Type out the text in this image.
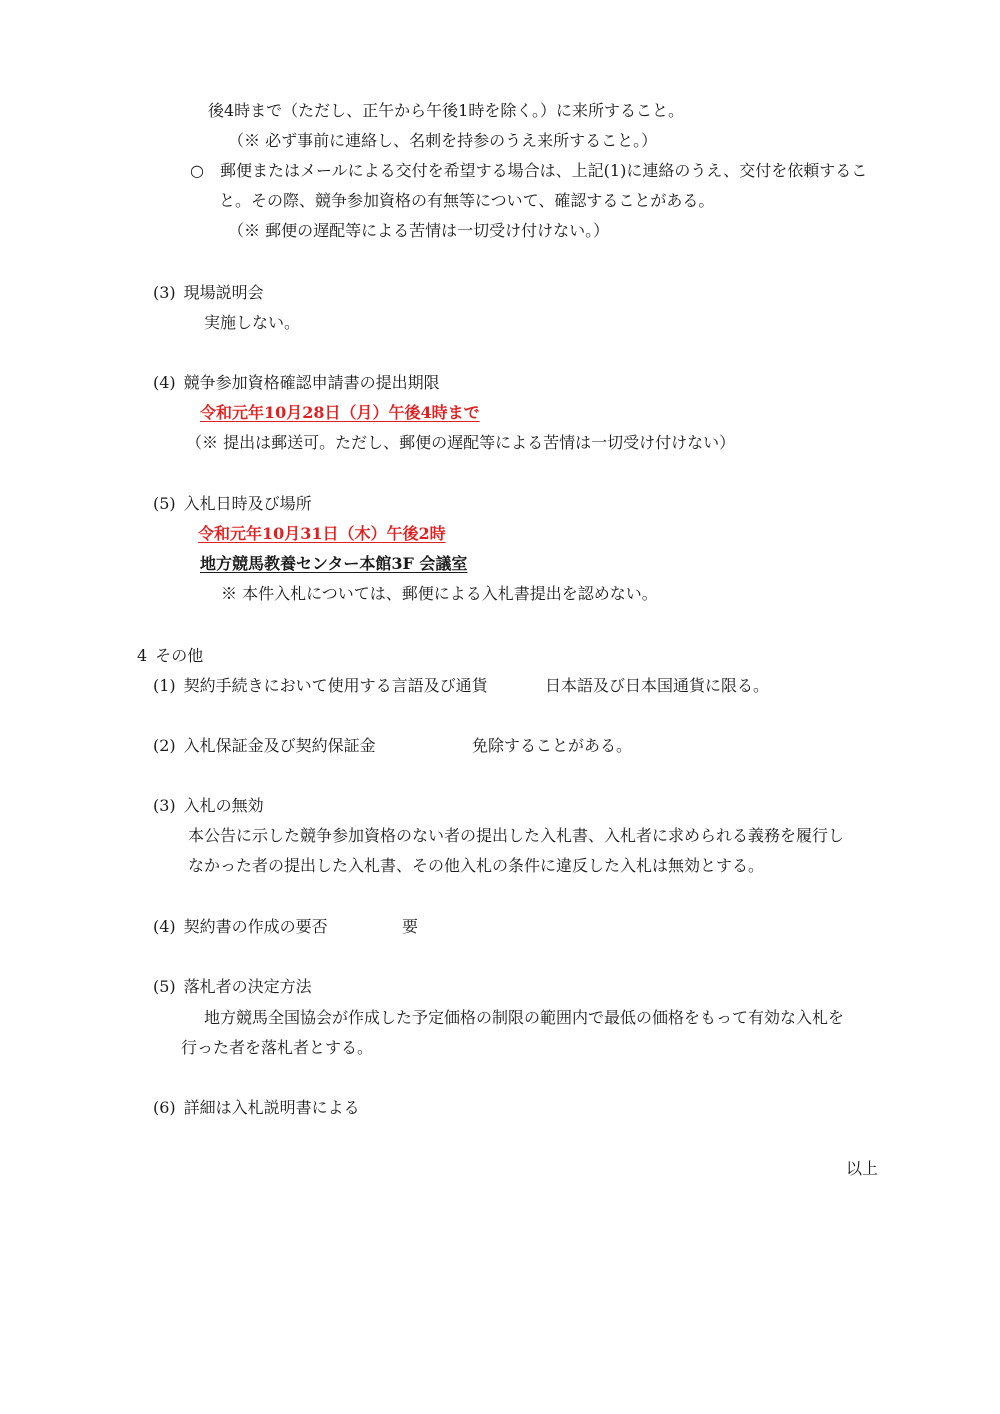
後4時まで（ただし、正午から午後1時を除く。）に来所すること。
（※ 必ず事前に連絡し、名刺を持参のうえ来所すること。）
○ 郵便またはメールによる交付を希望する場合は、上記(1)に連絡のうえ、交付を依頼するこ
と。その際、競争参加資格の有無等について、確認することがある。
（※ 郵便の遅配等による苦情は一切受け付けない。）
(3) 現場説明会
実施しない。
(4) 競争参加資格確認申請書の提出期限
令和元年10月28日（月）午後4時まで
（※ 提出は郵送可。ただし、郵便の遅配等による苦情は一切受け付けない）
(5) 入札日時及び場所
令和元年10月31日（木）午後2時
地方競馬教養センター本館3F 会議室
※ 本件入札については、郵便による入札書提出を認めない。
4 その他
(1) 契約手続きにおいて使用する言語及び通貨	日本語及び日本国通貨に限る。
(2) 入札保証金及び契約保証金	免除することがある。
(3) 入札の無効
本公告に示した競争参加資格のない者の提出した入札書、入札者に求められる義務を履行し
なかった者の提出した入札書、その他入札の条件に違反した入札は無効とする。
(4) 契約書の作成の要否	要
(5) 落札者の決定方法
地方競馬全国協会が作成した予定価格の制限の範囲内で最低の価格をもって有効な入札を
行った者を落札者とする。
(6) 詳細は入札説明書による
以上
